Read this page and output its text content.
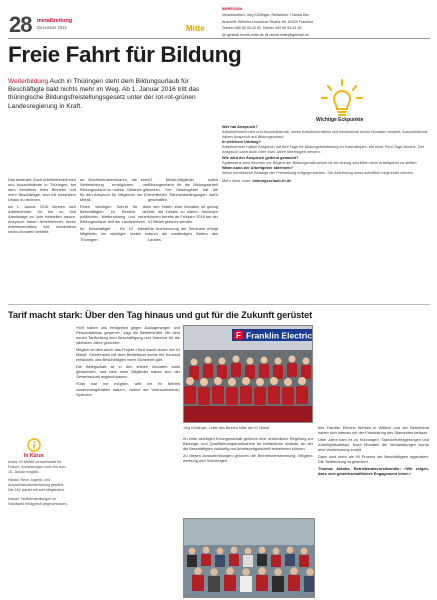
28 metallzeitung
Dezember 2015	Mitte
IMPRESSUM
Verantwortlich: Jörg Köhlinger, Redaktion: Thanda Dier
Anschrift: Wilhelm-Leuschner-Straße 69, 60329 Frankfurt
Telefon 069 66 93-33 00, Telefax 069 66 93-33 40,
@ igmetall-bezirk-mitte.de @ bezirk.mitte@igmetall.de
Freie Fahrt für Bildung
Weiterbildung Auch in Thüringen steht dem Bildungsurlaub für Beschäftigte bald nichts mehr im Weg. Ab 1. Januar 2016 tritt das thüringische Bildungsfreistellungsgesetz unter der rot-rot-grünen Landesregierung in Kraft.

Das bedeutet: Auch ArbeitnehmerInnen und Auszubildende in Thüringen, bei dem Verhältnis ihres Betriebs und mehr Beschäftigte, sind mit bezahltem Urlaub zu rechnen.

Ab 1. Januar 2016 können sich Arbeitnehmer für bis zu fünf Arbeitstage im Jahr freistellen lassen. Anspruch haben Arbeitnehmer, deren Arbeitsverhältnis seit mindestens sechs Monaten besteht.

an Wochenendseminaren, die eine Weiterbildung ermöglichen, um Bildungsurlaub zu nutzen. Gleiches gilt für den Anspruch für Mitglieder der IG Metall.

Einen wichtigen Schritt für die Beschäftigten im Bereich der politischen Weiterbildung und neuer Bildungsurlaub, teilt der Landesbezirk.

für Beschäftigte - für IG Metall Mitglieder ein wichtiger Vorteil in Thüringen.

IG Metall-Mitglieder sollen Bildungsurlaub für die Bildungsarbeit nutzen. Der Gesetzgeber hat die rechtlichen Rahmenbedingungen dafür geschaffen.

In den ersten zwei Monaten ist genug Zeit, die Details zu klären. Seminare können bereits ab Frühjahr 2016 bei der IG Metall gebucht werden.

Die Anerkennung der Seminare erfolgt durch die zuständigen Stellen des Landes.

Wichtige Eckpunkte
Wer hat Anspruch?
ArbeitnehmerInnen und Auszubildende, deren Arbeitsverhältnis seit mindestens sechs Monaten besteht. Auszubildende haben Anspruch auf Bildungsurlaub.
In welchem Umfang?
Arbeitnehmer haben Anspruch auf fünf Tage für Bildungsfreistellung im Kalenderjahr, bei einer Fünf-Tage-Woche. Der Anspruch kann auch über zwei Jahre übertragen werden.
Wie wird der Anspruch geltend gemacht?
Spätestens acht Wochen vor Beginn der Bildungsmaßnahme ist der Antrag schriftlich beim Arbeitgeber zu stellen.
Wann kann der Arbeitgeber ablehnen?
Wenn betriebliche Belange der Freistellung entgegenstehen. Die Ablehnung muss schriftlich begründet werden.
Mehr Infos unter: bildungsurlaub-th.de
Tarif macht stark: Über den Tag hinaus und gut für die Zukunft gerüstet

»Wir haben uns erfolgreich gegen Auslagerungen und Personalabbau gewehrt«, sagt die Betriebsrätin. Mit dem neuen Tarifvertrag sind Beschäftigung und Standort für die nächsten Jahre gesichert.

Möglich ist dies durch das Projekt »Tarif macht stark« der IG Metall. Gemeinsam mit dem Betriebsrat wurde ein Konzept entwickelt, das Beschäftigten mehr Sicherheit gibt.

Die Belegschaft ist in den letzten Monaten stark gewachsen, und viele neue Mitglieder haben sich der Gewerkschaft angeschlossen.

»Das war nur möglich, weil wir im Betrieb zusammengehalten haben«, betont der Vertrauensleute-Sprecher.

F Franklin Electric
Jörg Köhlinger, Leiter des Bezirks Mitte der IG Metall

Zu einer wichtigen Errungenschaft gehören eine verbindliche Regelung zur Bildungs- und Qualifizierungsmaßnahme für betriebliche Abläufe, an der die Beschäftigten zukünftig mit Arbeitszeitgutschrift teilnehmen können.

Zu diesen Ausschreibungen gehören die Betriebsversammlung, Mitglied-werbung und Schulungen.

des Franklin Electric Werkes in Wittlich und der Betriebsrat haben sich intensiv mit der Entwicklung des Standortes befasst.

Über Jahre kam es zu Kürzungen, Standortverlagerungen und Arbeitsplatzabbau. Nach Monaten der Verhandlungen wurde eine Vereinbarung erzielt.

Dann sind mehr als 90 Prozent der Beschäftigten organisiert. Die Tarifbindung ist gesichert.

Thomas Jakobs, Betriebsratsvorsitzender: »Wir zeigen, dass sich gewerkschaftliches Engagement lohnt.«

In Kürze

Arzey: IG Metall Lernwerkstatt für Frauen. Anmeldungen noch bis zum 15. Januar möglich.

Hanau: Neue Jugend- und Auszubildendenvertretung gewählt. Die JAV startet mit acht Mitgliedern.

Kassel: Tarifverhandlungen im Handwerk erfolgreich abgeschlossen.
